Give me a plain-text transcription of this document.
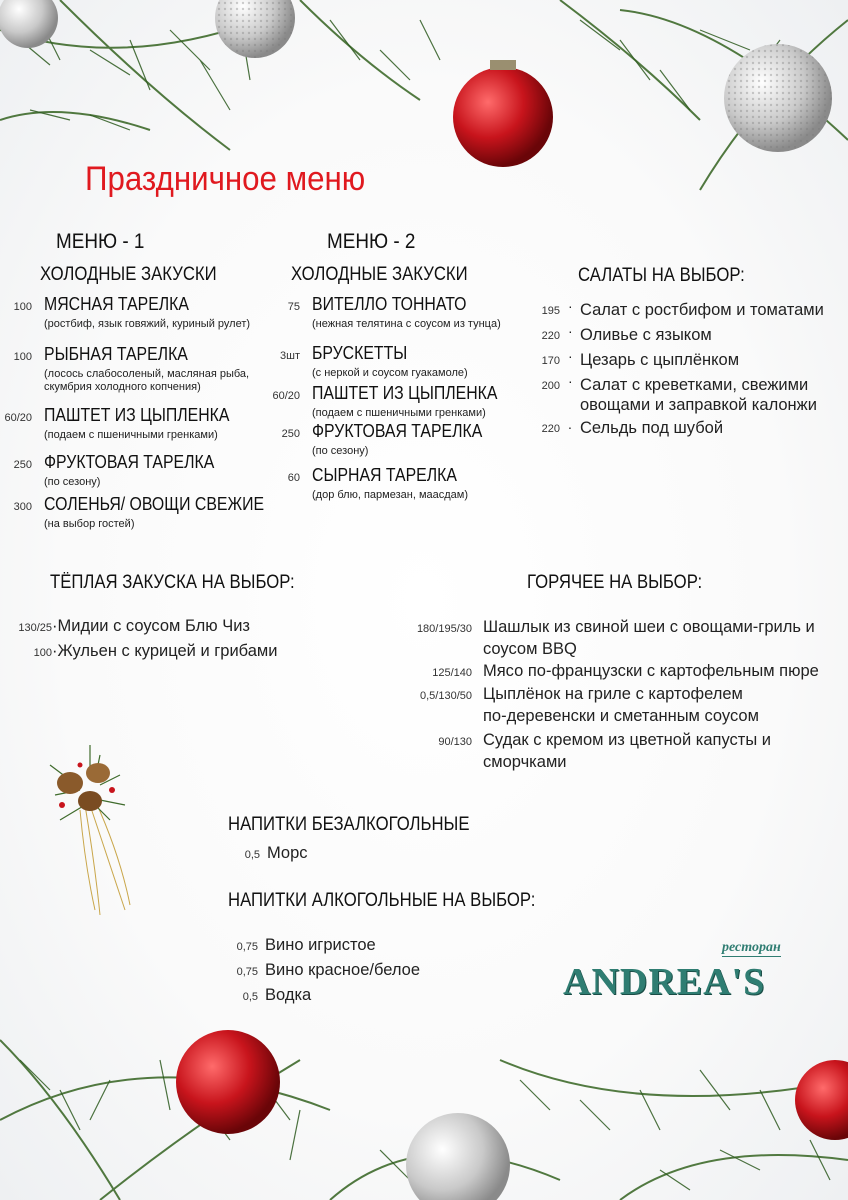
Праздничное меню
МЕНЮ - 1
ХОЛОДНЫЕ ЗАКУСКИ
100 МЯСНАЯ ТАРЕЛКА
(ростбиф, язык говяжий, куриный рулет)
100 РЫБНАЯ ТАРЕЛКА
(лосось слабосоленый, масляная рыба, скумбрия холодного копчения)
60/20 ПАШТЕТ ИЗ ЦЫПЛЕНКА
(подаем с пшеничными гренками)
250 ФРУКТОВАЯ ТАРЕЛКА
(по сезону)
300 СОЛЕНЬЯ/ ОВОЩИ СВЕЖИЕ
(на выбор гостей)
МЕНЮ - 2
ХОЛОДНЫЕ ЗАКУСКИ
75 ВИТЕЛЛО ТОННАТО
(нежная телятина с соусом из тунца)
3шт БРУСКЕТТЫ
(с неркой и соусом гуакамоле)
60/20 ПАШТЕТ ИЗ ЦЫПЛЕНКА
(подаем с пшеничными гренками)
250 ФРУКТОВАЯ ТАРЕЛКА
(по сезону)
60 СЫРНАЯ ТАРЕЛКА
(дор блю, пармезан, маасдам)
САЛАТЫ НА ВЫБОР:
195 · Салат с ростбифом и томатами
220 · Оливье с языком
170 · Цезарь с цыплёнком
200 · Салат с креветками, свежими
овощами и заправкой калонжи
220 . Сельдь под шубой
ТЁПЛАЯ ЗАКУСКА НА ВЫБОР:
130/25 ·Мидии с соусом Блю Чиз
100 ·Жульен с курицей и грибами
ГОРЯЧЕЕ НА ВЫБОР:
180/195/30 Шашлык из свиной шеи с овощами-гриль и
соусом BBQ
125/140 Мясо по-французски с картофельным пюре
0,5/130/50 Цыплёнок на гриле с картофелем
по-деревенски и сметанным соусом
90/130 Судак с кремом из цветной капусты и
сморчками
НАПИТКИ БЕЗАЛКОГОЛЬНЫЕ
0,5 Морс
НАПИТКИ АЛКОГОЛЬНЫЕ НА ВЫБОР:
0,75 Вино игристое
0,75 Вино красное/белое
0,5 Водка
ресторан
ANDREA'S
